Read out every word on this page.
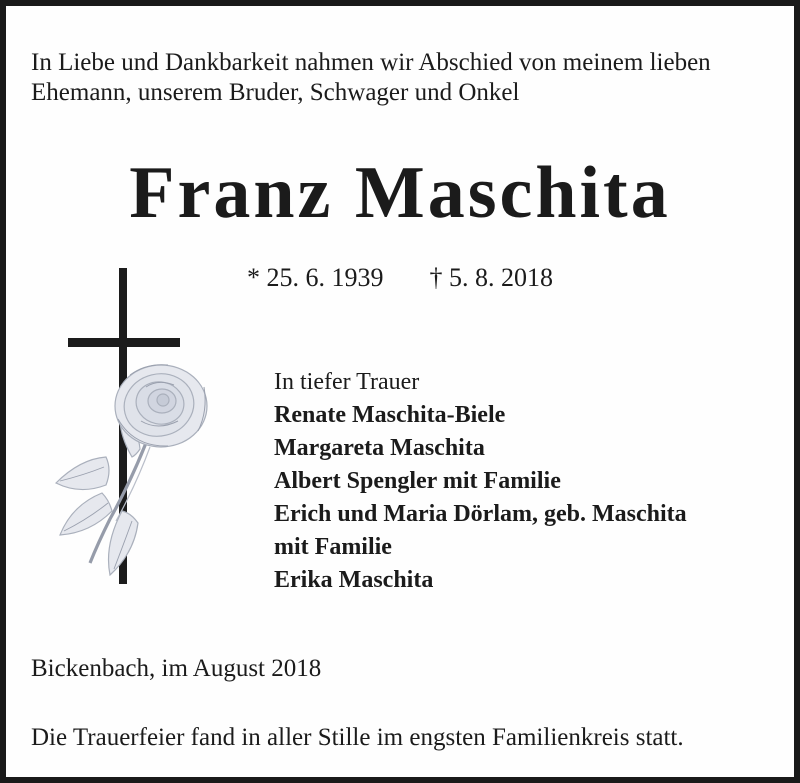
In Liebe und Dankbarkeit nahmen wir Abschied von meinem lieben
Ehemann, unserem Bruder, Schwager und Onkel
Franz Maschita
* 25. 6. 1939 † 5. 8. 2018
In tiefer Trauer
Renate Maschita-Biele
Margareta Maschita
Albert Spengler mit Familie
Erich und Maria Dörlam, geb. Maschita
mit Familie
Erika Maschita
Bickenbach, im August 2018
Die Trauerfeier fand in aller Stille im engsten Familienkreis statt.
